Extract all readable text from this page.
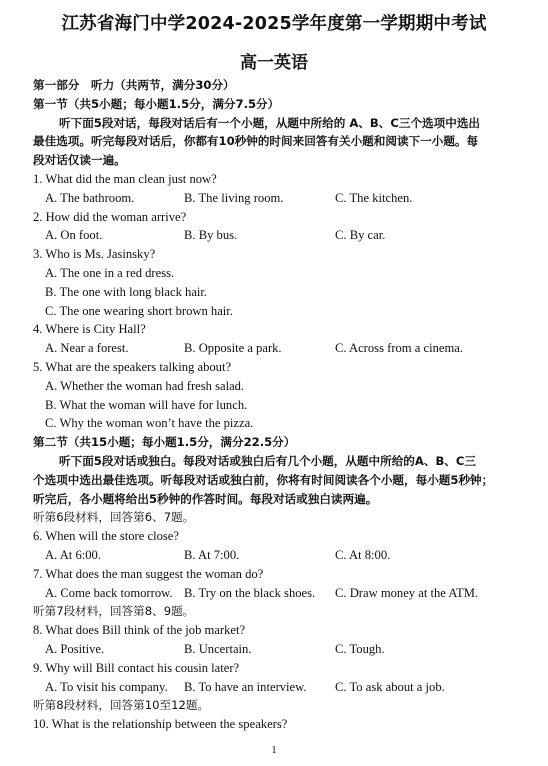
江苏省海门中学2024-2025学年度第一学期期中考试
高一英语
第一部分　听力（共两节，满分30分）
第一节（共5小题；每小题1.5分，满分7.5分）
听下面5段对话，每段对话后有一个小题，从题中所给的 A、B、C三个选项中选出
最佳选项。听完每段对话后，你都有10秒钟的时间来回答有关小题和阅读下一小题。每
段对话仅读一遍。
1. What did the man clean just now?
A. The bathroom.	B. The living room.	C. The kitchen.
2. How did the woman arrive?
A. On foot.	B. By bus.	C. By car.
3. Who is Ms. Jasinsky?
A. The one in a red dress.
B. The one with long black hair.
C. The one wearing short brown hair.
4. Where is City Hall?
A. Near a forest.	B. Opposite a park.	C. Across from a cinema.
5. What are the speakers talking about?
A. Whether the woman had fresh salad.
B. What the woman will have for lunch.
C. Why the woman won’t have the pizza.
第二节（共15小题；每小题1.5分，满分22.5分）
听下面5段对话或独白。每段对话或独白后有几个小题，从题中所给的A、B、C三
个选项中选出最佳选项。听每段对话或独白前，你将有时间阅读各个小题，每小题5秒钟；
听完后，各小题将给出5秒钟的作答时间。每段对话或独白读两遍。
听第6段材料，回答第6、7题。
6. When will the store close?
A. At 6:00.	B. At 7:00.	C. At 8:00.
7. What does the man suggest the woman do?
A. Come back tomorrow. B. Try on the black shoes. C. Draw money at the ATM.
听第7段材料，回答第8、9题。
8. What does Bill think of the job market?
A. Positive.	B. Uncertain.	C. Tough.
9. Why will Bill contact his cousin later?
A. To visit his company. B. To have an interview. C. To ask about a job.
听第8段材料，回答第10至12题。
10. What is the relationship between the speakers?
1
